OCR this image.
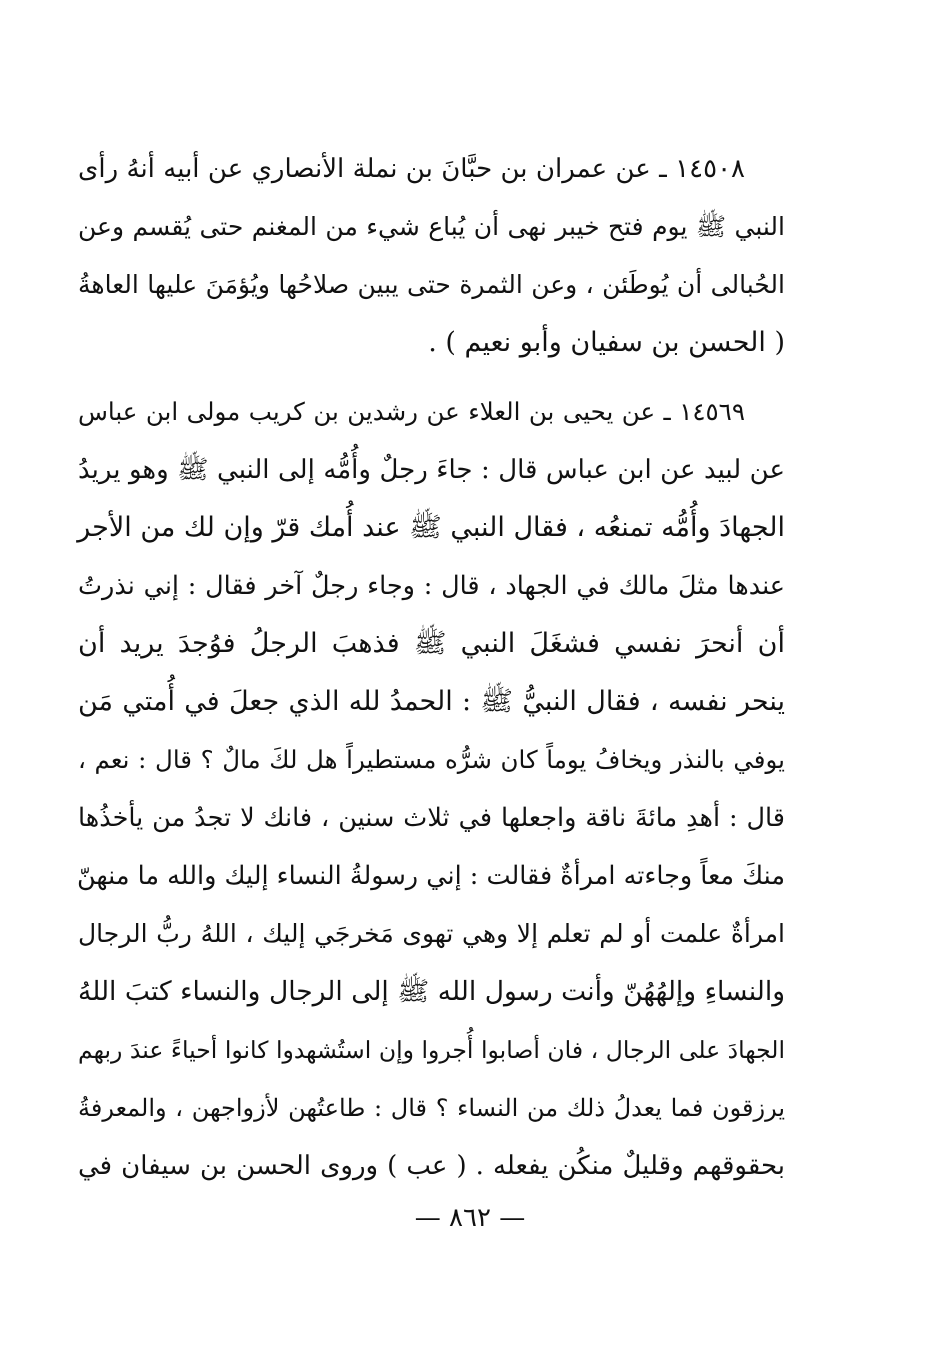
١٤٥٠٨ ـ عن عمران بن حبَّانَ بن نملة الأنصاري عن أبيه أنهُ رأى
النبي ﷺ يوم فتح خيبر نهى أن يُباع شيء من المغنم حتى يُقسم وعن
الحُبالى أن يُوطَئن ، وعن الثمرة حتى يبين صلاحُها ويُؤمَنَ عليها العاهةُ
( الحسن بن سفيان وأبو نعيم ) .
١٤٥٦٩ ـ عن يحيى بن العلاء عن رشدين بن كريب مولى ابن عباس
عن لبيد عن ابن عباس قال : جاءَ رجلٌ وأُمُّه إلى النبي ﷺ وهو يريدُ
الجهادَ وأُمُّه تمنعُه ، فقال النبي ﷺ عند أُمك قرّ وإن لك من الأجر
عندها مثلَ مالك في الجهاد ، قال : وجاء رجلٌ آخر فقال : إني نذرتُ
أن أنحرَ نفسي فشغَلَ النبي ﷺ فذهبَ الرجلُ فوُجدَ يريد أن
ينحر نفسه ، فقال النبيُّ ﷺ : الحمدُ لله الذي جعلَ في أُمتي مَن
يوفي بالنذر ويخافُ يوماً كان شرُّه مستطيراً هل لكَ مالٌ ؟ قال : نعم ،
قال : أهدِ مائةَ ناقة واجعلها في ثلاث سنين ، فانك لا تجدُ من يأخذُها
منكَ معاً وجاءته امرأةٌ فقالت : إني رسولةُ النساء إليك والله ما منهنّ
امرأةٌ علمت أو لم تعلم إلا وهي تهوى مَخرجَي إليك ، اللهُ ربُّ الرجال
والنساءِ وإلهُهُنّ وأنت رسول الله ﷺ إلى الرجال والنساء كتبَ اللهُ
الجهادَ على الرجال ، فان أصابوا أُجروا وإن استُشهدوا كانوا أحياءً عندَ ربهم
يرزقون فما يعدلُ ذلك من النساء ؟ قال : طاعتُهن لأزواجهن ، والمعرفةُ
بحقوقهم وقليلٌ منكُن يفعله . ( عب ) وروى الحسن بن سيفان في
— ٨٦٢ —
